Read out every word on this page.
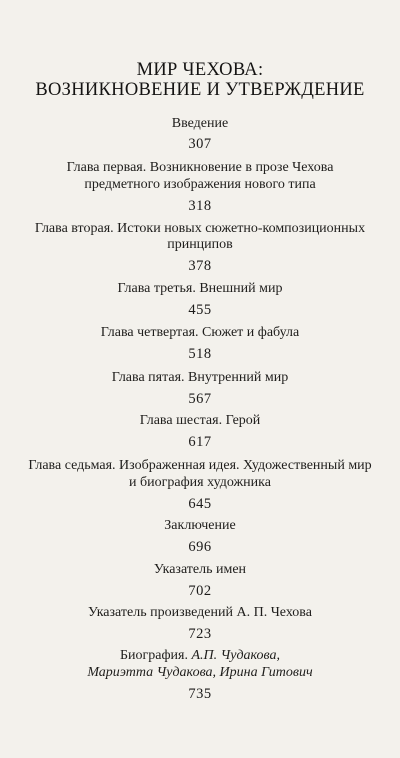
МИР ЧЕХОВА:
ВОЗНИКНОВЕНИЕ И УТВЕРЖДЕНИЕ
Введение
307
Глава первая. Возникновение в прозе Чехова
предметного изображения нового типа
318
Глава вторая. Истоки новых сюжетно-композиционных
принципов
378
Глава третья. Внешний мир
455
Глава четвертая. Сюжет и фабула
518
Глава пятая. Внутренний мир
567
Глава шестая. Герой
617
Глава седьмая. Изображенная идея. Художественный мир
и биография художника
645
Заключение
696
Указатель имен
702
Указатель произведений А. П. Чехова
723
Биография. А.П. Чудакова,
Мариэтта Чудакова, Ирина Гитович
735
